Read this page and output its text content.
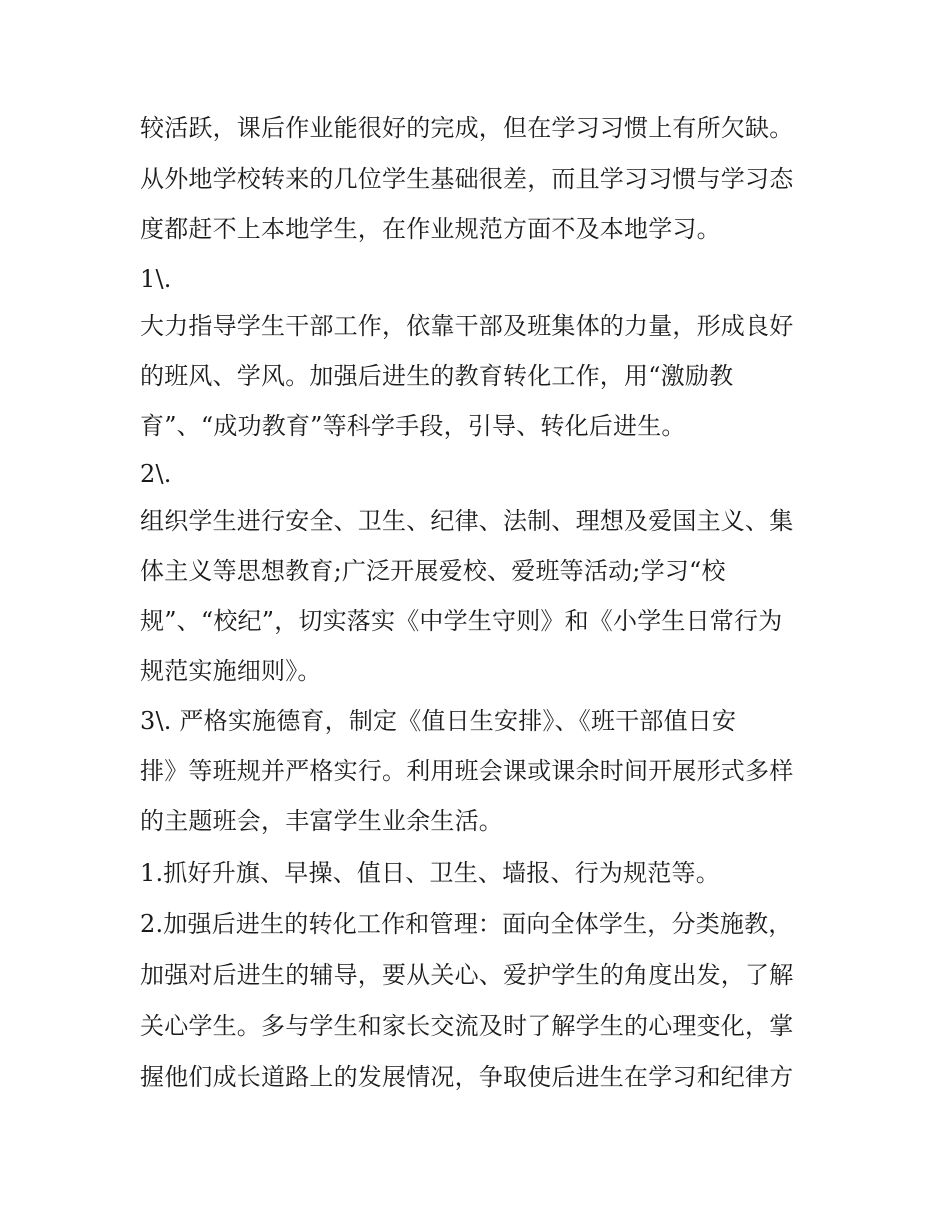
较活跃，课后作业能很好的完成，但在学习习惯上有所欠缺。
从外地学校转来的几位学生基础很差，而且学习习惯与学习态
度都赶不上本地学生，在作业规范方面不及本地学习。
1\.
大力指导学生干部工作，依靠干部及班集体的力量，形成良好
的班风、学风。加强后进生的教育转化工作，用“激励教
育”、“成功教育”等科学手段，引导、转化后进生。
2\.
组织学生进行安全、卫生、纪律、法制、理想及爱国主义、集
体主义等思想教育;广泛开展爱校、爱班等活动;学习“校
规”、“校纪”，切实落实《中学生守则》和《小学生日常行为
规范实施细则》。
3\. 严格实施德育，制定《值日生安排》、《班干部值日安
排》等班规并严格实行。利用班会课或课余时间开展形式多样
的主题班会，丰富学生业余生活。
1.抓好升旗、早操、值日、卫生、墙报、行为规范等。
2.加强后进生的转化工作和管理：面向全体学生，分类施教，
加强对后进生的辅导，要从关心、爱护学生的角度出发，了解
关心学生。多与学生和家长交流及时了解学生的心理变化，掌
握他们成长道路上的发展情况，争取使后进生在学习和纪律方
